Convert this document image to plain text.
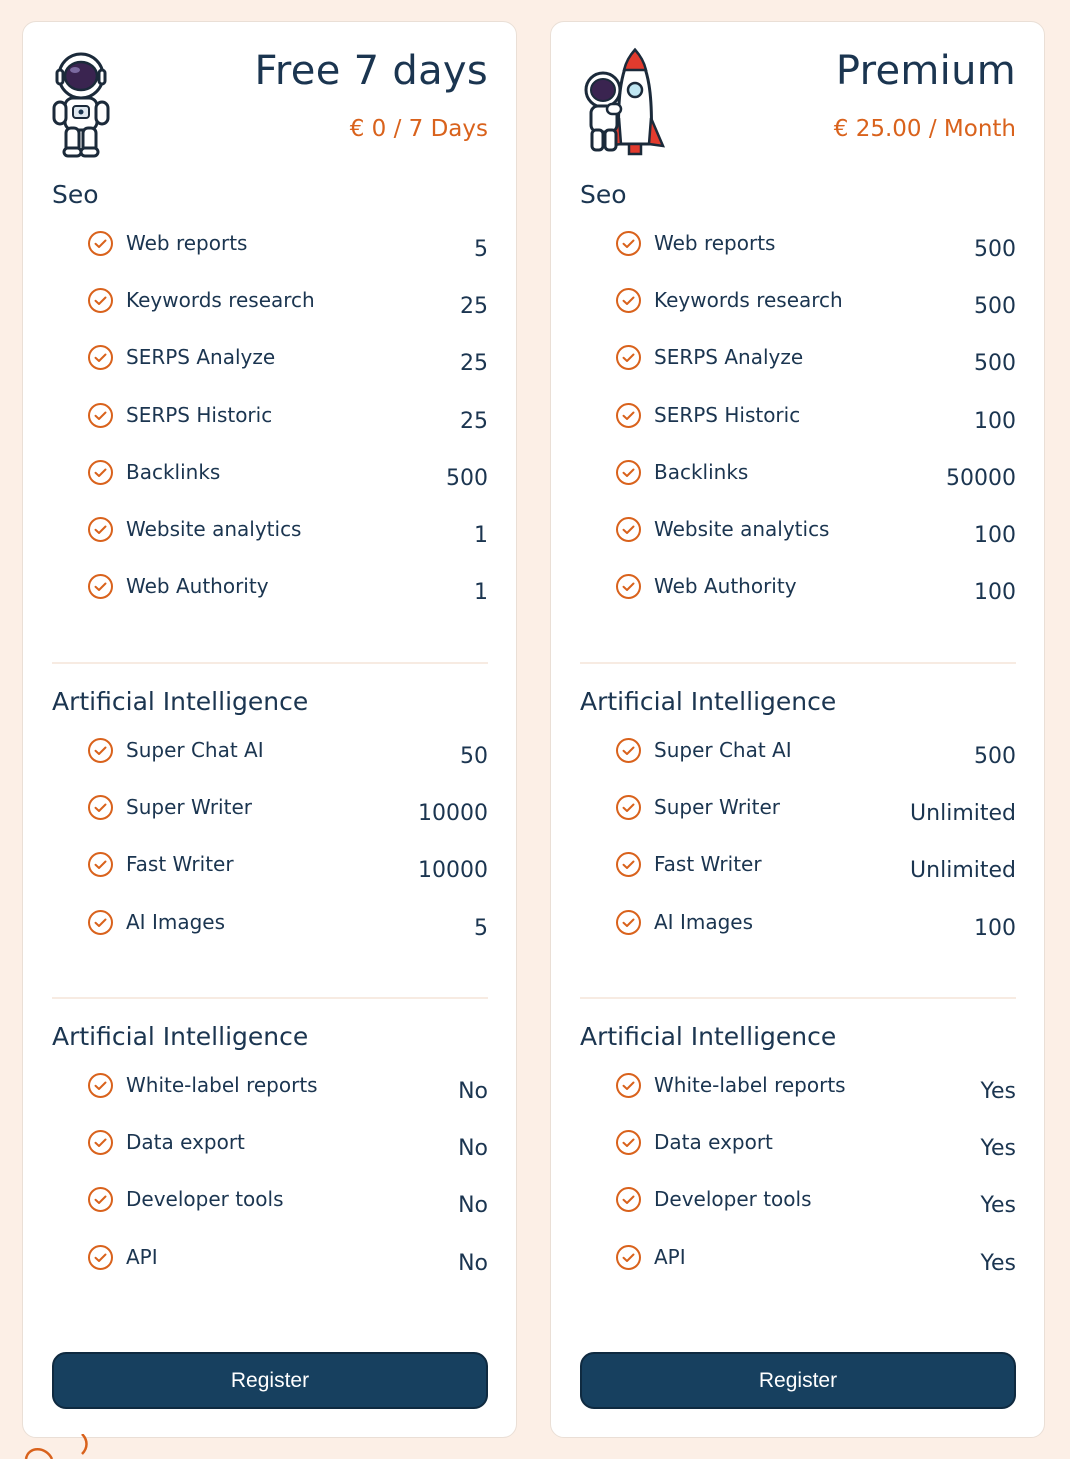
Free 7 days
€ 0 / 7 Days
Seo
Web reports	5
Keywords research	25
SERPS Analyze	25
SERPS Historic	25
Backlinks	500
Website analytics	1
Web Authority	1
Artificial Intelligence
Super Chat AI	50
Super Writer	10000
Fast Writer	10000
AI Images	5
Artificial Intelligence
White-label reports	No
Data export	No
Developer tools	No
API	No
Register
Premium
€ 25.00 / Month
Seo
Web reports	500
Keywords research	500
SERPS Analyze	500
SERPS Historic	100
Backlinks	50000
Website analytics	100
Web Authority	100
Artificial Intelligence
Super Chat AI	500
Super Writer	Unlimited
Fast Writer	Unlimited
AI Images	100
Artificial Intelligence
White-label reports	Yes
Data export	Yes
Developer tools	Yes
API	Yes
Register
